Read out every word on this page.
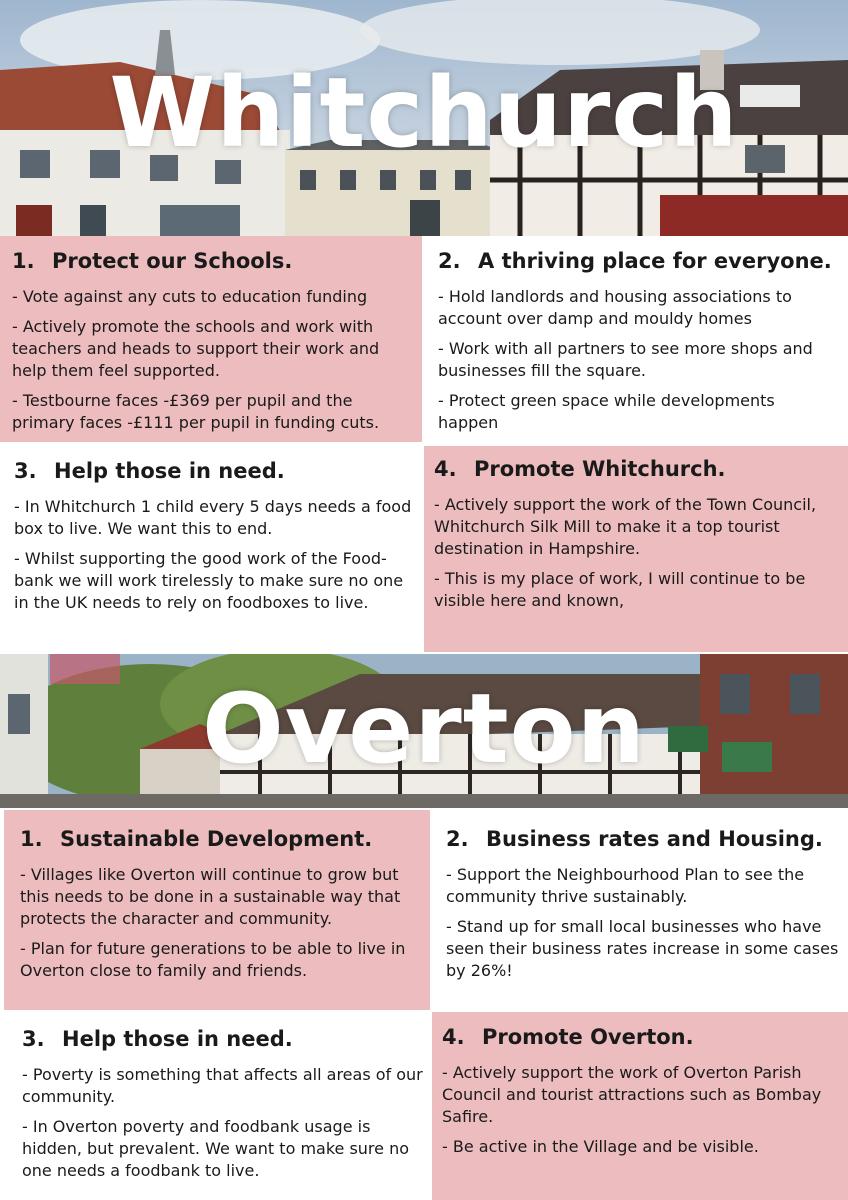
Whitchurch
1. Protect our Schools.

- Vote against any cuts to education funding

- Actively promote the schools and work with teachers and heads to support their work and help them feel supported.

- Testbourne faces -£369 per pupil and the primary faces -£111 per pupil in funding cuts.

2. A thriving place for everyone.

- Hold landlords and housing associations to account over damp and mouldy homes

- Work with all partners to see more shops and businesses fill the square.

- Protect green space while developments happen

3. Help those in need.

- In Whitchurch 1 child every 5 days needs a food box to live. We want this to end.

- Whilst supporting the good work of the Food-bank we will work tirelessly to make sure no one in the UK needs to rely on foodboxes to live.

4. Promote Whitchurch.

- Actively support the work of the Town Council, Whitchurch Silk Mill to make it a top tourist destination in Hampshire.

- This is my place of work, I will continue to be visible here and known,

Overton
1. Sustainable Development.

- Villages like Overton will continue to grow but this needs to be done in a sustainable way that protects the character and community.

- Plan for future generations to be able to live in Overton close to family and friends.

2. Business rates and Housing.

- Support the Neighbourhood Plan to see the community thrive sustainably.

- Stand up for small local businesses who have seen their business rates increase in some cases by 26%!

3. Help those in need.

- Poverty is something that affects all areas of our community.

- In Overton poverty and foodbank usage is hidden, but prevalent. We want to make sure no one needs a foodbank to live.

4. Promote Overton.

- Actively support the work of Overton Parish Council and tourist attractions such as Bombay Safire.

- Be active in the Village and be visible.
